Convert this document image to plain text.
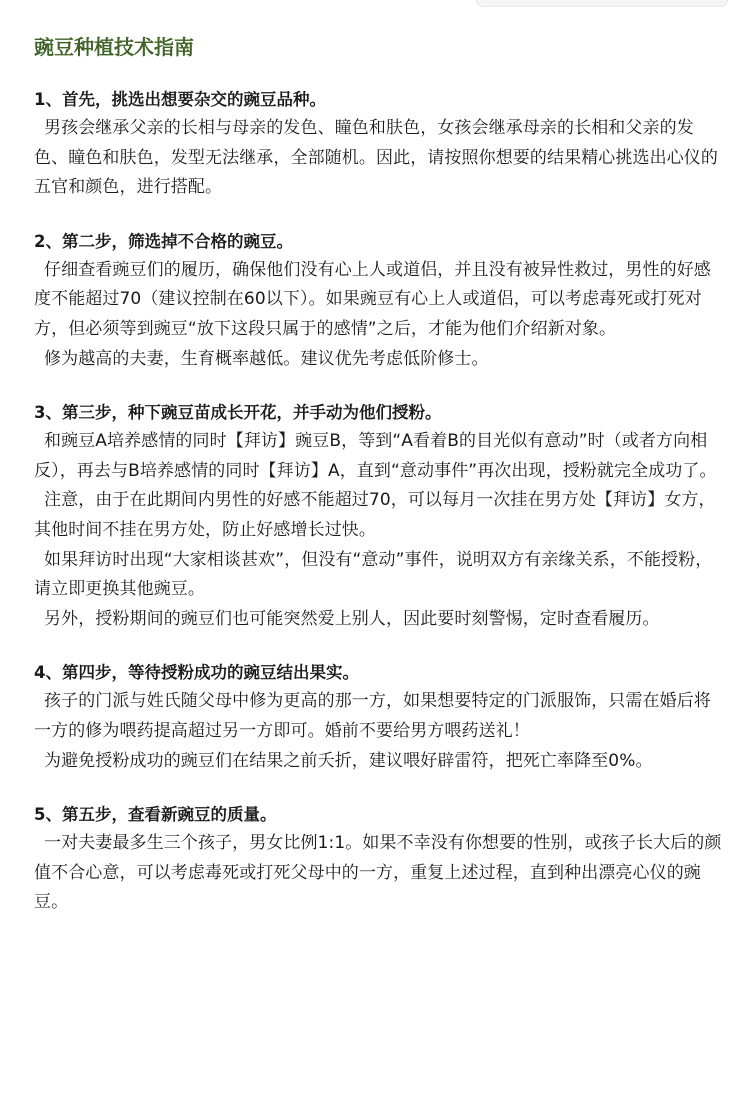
豌豆种植技术指南

1、首先，挑选出想要杂交的豌豆品种。

男孩会继承父亲的长相与母亲的发色、瞳色和肤色，女孩会继承母亲的长相和父亲的发色、瞳色和肤色，发型无法继承，全部随机。因此，请按照你想要的结果精心挑选出心仪的五官和颜色，进行搭配。

2、第二步，筛选掉不合格的豌豆。

仔细查看豌豆们的履历，确保他们没有心上人或道侣，并且没有被异性救过，男性的好感度不能超过70（建议控制在60以下）。如果豌豆有心上人或道侣，可以考虑毒死或打死对方，但必须等到豌豆“放下这段只属于的感情”之后，才能为他们介绍新对象。

修为越高的夫妻，生育概率越低。建议优先考虑低阶修士。

3、第三步，种下豌豆苗成长开花，并手动为他们授粉。

和豌豆A培养感情的同时【拜访】豌豆B，等到“A看着B的目光似有意动”时（或者方向相反），再去与B培养感情的同时【拜访】A，直到“意动事件”再次出现，授粉就完全成功了。

注意，由于在此期间内男性的好感不能超过70，可以每月一次挂在男方处【拜访】女方，其他时间不挂在男方处，防止好感增长过快。

如果拜访时出现“大家相谈甚欢”，但没有“意动”事件，说明双方有亲缘关系，不能授粉，请立即更换其他豌豆。

另外，授粉期间的豌豆们也可能突然爱上别人，因此要时刻警惕，定时查看履历。

4、第四步，等待授粉成功的豌豆结出果实。

孩子的门派与姓氏随父母中修为更高的那一方，如果想要特定的门派服饰，只需在婚后将一方的修为喂药提高超过另一方即可。婚前不要给男方喂药送礼！

为避免授粉成功的豌豆们在结果之前夭折，建议喂好辟雷符，把死亡率降至0%。

5、第五步，查看新豌豆的质量。

一对夫妻最多生三个孩子，男女比例1:1。如果不幸没有你想要的性别，或孩子长大后的颜值不合心意，可以考虑毒死或打死父母中的一方，重复上述过程，直到种出漂亮心仪的豌豆。
